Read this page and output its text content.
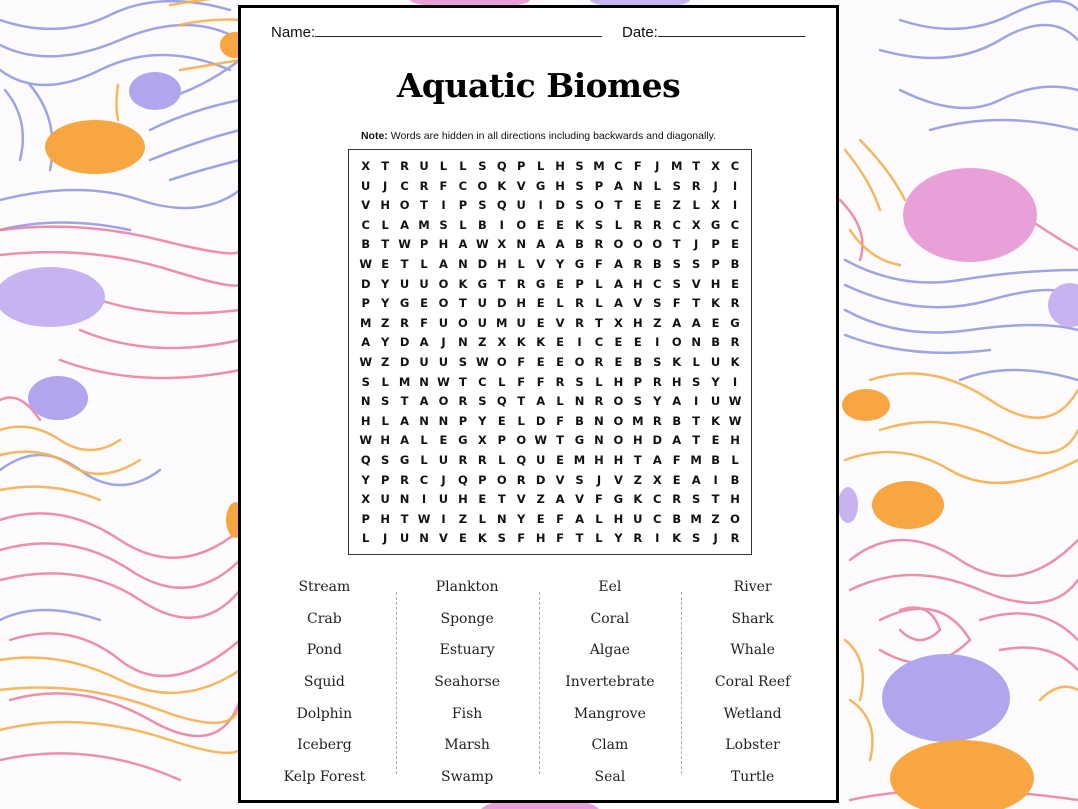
Name:	Date:
Aquatic Biomes
Note: Words are hidden in all directions including backwards and diagonally.
X T R U L	L	S Q P	L H S M C F	J	M T X C
U	J	C R F C O K V G H S P A N L	S R	J	I
V H O T	I	P S Q U	I	D S O T	E	E Z	L X	I
C	L A M S	L B	I	O E	E K S	L R R C X G C
B T W P H A W X N A A B R O O O T	J	P E
W E	T	L A N D H L V Y G F A R B S S P B
D Y U U O K G T R G E P	L A H C S V H E
P Y G E O T U D H E	L R L A V S F	T K R
M Z R F U O U M U E V R T X H Z A A E G
A Y D A	J	N Z X K K E	I	C E	E	I	O N B R
W Z D U U S W O F	E	E O R E B S K L U K
S	L M N W T C	L	F	F R S	L H P R H S Y	I
N S T A O R S Q T A L N R O S Y A	I	U W
H L A N N P Y E	L D F B N O M R B T K W
W H A L	E G X P O W T G N O H D A T	E H
Q S G L U R R L Q U E M H H T A F M B L
Y P R C	J	Q P O R D V S	J	V Z X E A	I	B
X U N	I	U H E	T V Z A V F G K C R S T H
P H T W I	Z	L N Y E	F A L H U C B M Z O
L	J	U N V E K S F H F	T	L	Y R	I	K S	J	R
Stream
Crab
Pond
Squid
Dolphin
Iceberg
Kelp Forest
Plankton
Sponge
Estuary
Seahorse
Fish
Marsh
Swamp
Eel
Coral
Algae
Invertebrate
Mangrove
Clam
Seal
River
Shark
Whale
Coral Reef
Wetland
Lobster
Turtle
